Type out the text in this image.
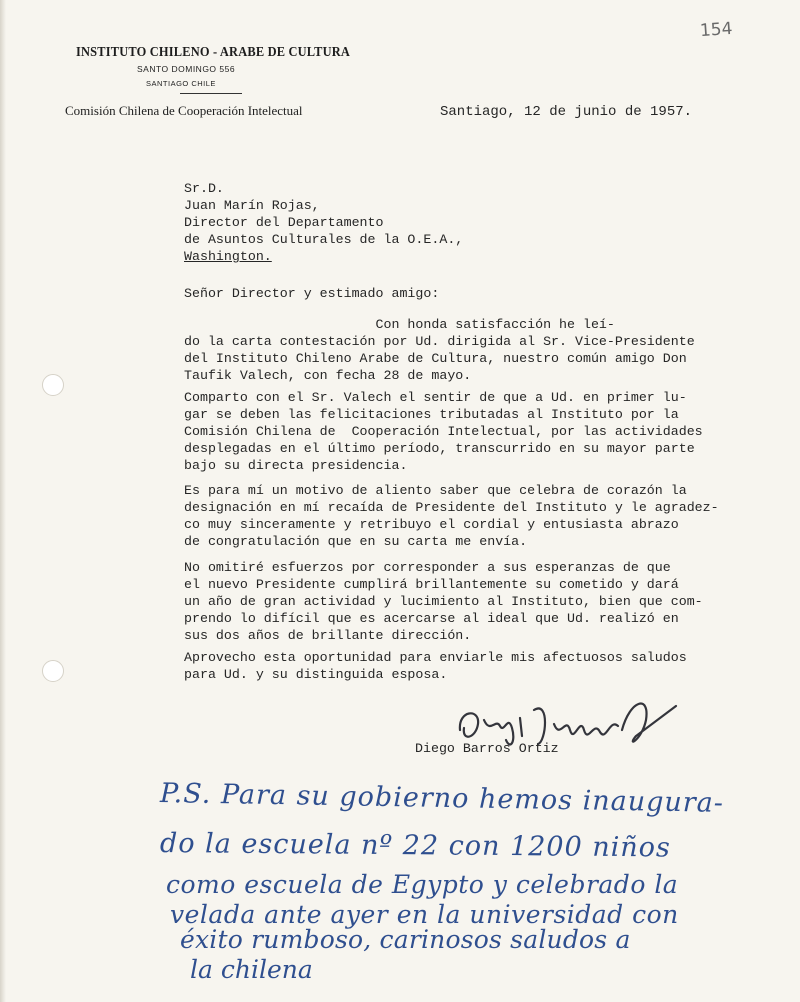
154
INSTITUTO CHILENO - ARABE DE CULTURA
SANTO DOMINGO 556
SANTIAGO CHILE
Comisión Chilena de Cooperación Intelectual	Santiago, 12 de junio de 1957.
Sr.D.
Juan Marín Rojas,
Director del Departamento
de Asuntos Culturales de la O.E.A.,
Washington.
Señor Director y estimado amigo:
Con honda satisfacción he leí-
do la carta contestación por Ud. dirigida al Sr. Vice-Presidente
del Instituto Chileno Arabe de Cultura, nuestro común amigo Don
Taufik Valech, con fecha 28 de mayo.
Comparto con el Sr. Valech el sentir de que a Ud. en primer lu-
gar se deben las felicitaciones tributadas al Instituto por la
Comisión Chilena de  Cooperación Intelectual, por las actividades
desplegadas en el último período, transcurrido en su mayor parte
bajo su directa presidencia.
Es para mí un motivo de aliento saber que celebra de corazón la
designación en mí recaída de Presidente del Instituto y le agradez-
co muy sinceramente y retribuyo el cordial y entusiasta abrazo
de congratulación que en su carta me envía.
No omitiré esfuerzos por corresponder a sus esperanzas de que
el nuevo Presidente cumplirá brillantemente su cometido y dará
un año de gran actividad y lucimiento al Instituto, bien que com-
prendo lo difícil que es acercarse al ideal que Ud. realizó en
sus dos años de brillante dirección.
Aprovecho esta oportunidad para enviarle mis afectuosos saludos
para Ud. y su distinguida esposa.
Diego Barros Ortiz
P.S. Para su gobierno hemos inaugura-
do la escuela nº 22 con 1200 niños
como escuela de Egypto y celebrado la
velada ante ayer en la universidad con
éxito rumboso, carinosos saludos a
la chilena
